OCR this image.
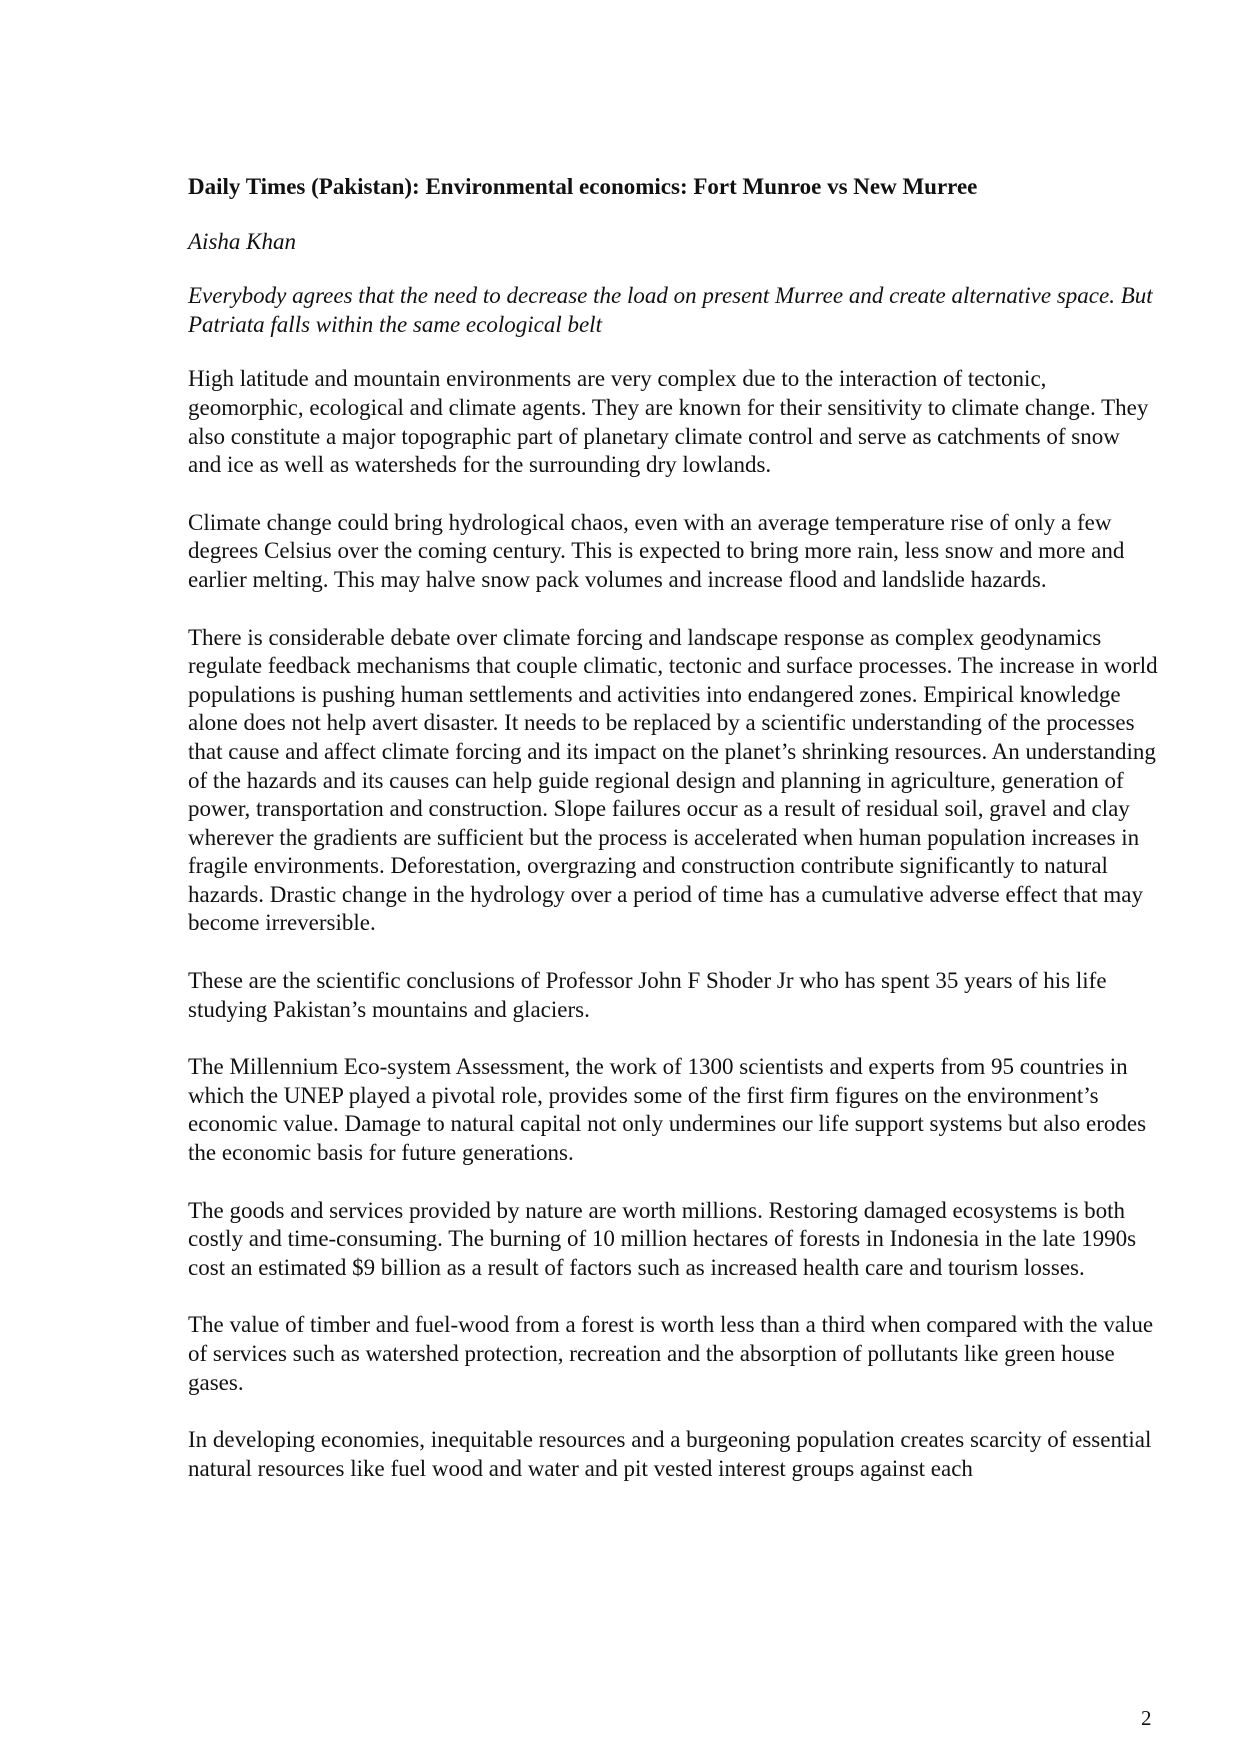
Daily Times (Pakistan): Environmental economics: Fort Munroe vs New Murree

Aisha Khan

Everybody agrees that the need to decrease the load on present Murree and create alternative space. But Patriata falls within the same ecological belt

High latitude and mountain environments are very complex due to the interaction of tectonic, geomorphic, ecological and climate agents. They are known for their sensitivity to climate change. They also constitute a major topographic part of planetary climate control and serve as catchments of snow and ice as well as watersheds for the surrounding dry lowlands.

Climate change could bring hydrological chaos, even with an average temperature rise of only a few degrees Celsius over the coming century. This is expected to bring more rain, less snow and more and earlier melting. This may halve snow pack volumes and increase flood and landslide hazards.

There is considerable debate over climate forcing and landscape response as complex geodynamics regulate feedback mechanisms that couple climatic, tectonic and surface processes. The increase in world populations is pushing human settlements and activities into endangered zones. Empirical knowledge alone does not help avert disaster. It needs to be replaced by a scientific understanding of the processes that cause and affect climate forcing and its impact on the planet’s shrinking resources. An understanding of the hazards and its causes can help guide regional design and planning in agriculture, generation of power, transportation and construction. Slope failures occur as a result of residual soil, gravel and clay wherever the gradients are sufficient but the process is accelerated when human population increases in fragile environments. Deforestation, overgrazing and construction contribute significantly to natural hazards. Drastic change in the hydrology over a period of time has a cumulative adverse effect that may become irreversible.

These are the scientific conclusions of Professor John F Shoder Jr who has spent 35 years of his life studying Pakistan’s mountains and glaciers.

The Millennium Eco-system Assessment, the work of 1300 scientists and experts from 95 countries in which the UNEP played a pivotal role, provides some of the first firm figures on the environment’s economic value. Damage to natural capital not only undermines our life support systems but also erodes the economic basis for future generations.

The goods and services provided by nature are worth millions. Restoring damaged ecosystems is both costly and time-consuming. The burning of 10 million hectares of forests in Indonesia in the late 1990s cost an estimated $9 billion as a result of factors such as increased health care and tourism losses.

The value of timber and fuel-wood from a forest is worth less than a third when compared with the value of services such as watershed protection, recreation and the absorption of pollutants like green house gases.

In developing economies, inequitable resources and a burgeoning population creates scarcity of essential natural resources like fuel wood and water and pit vested interest groups against each

2
